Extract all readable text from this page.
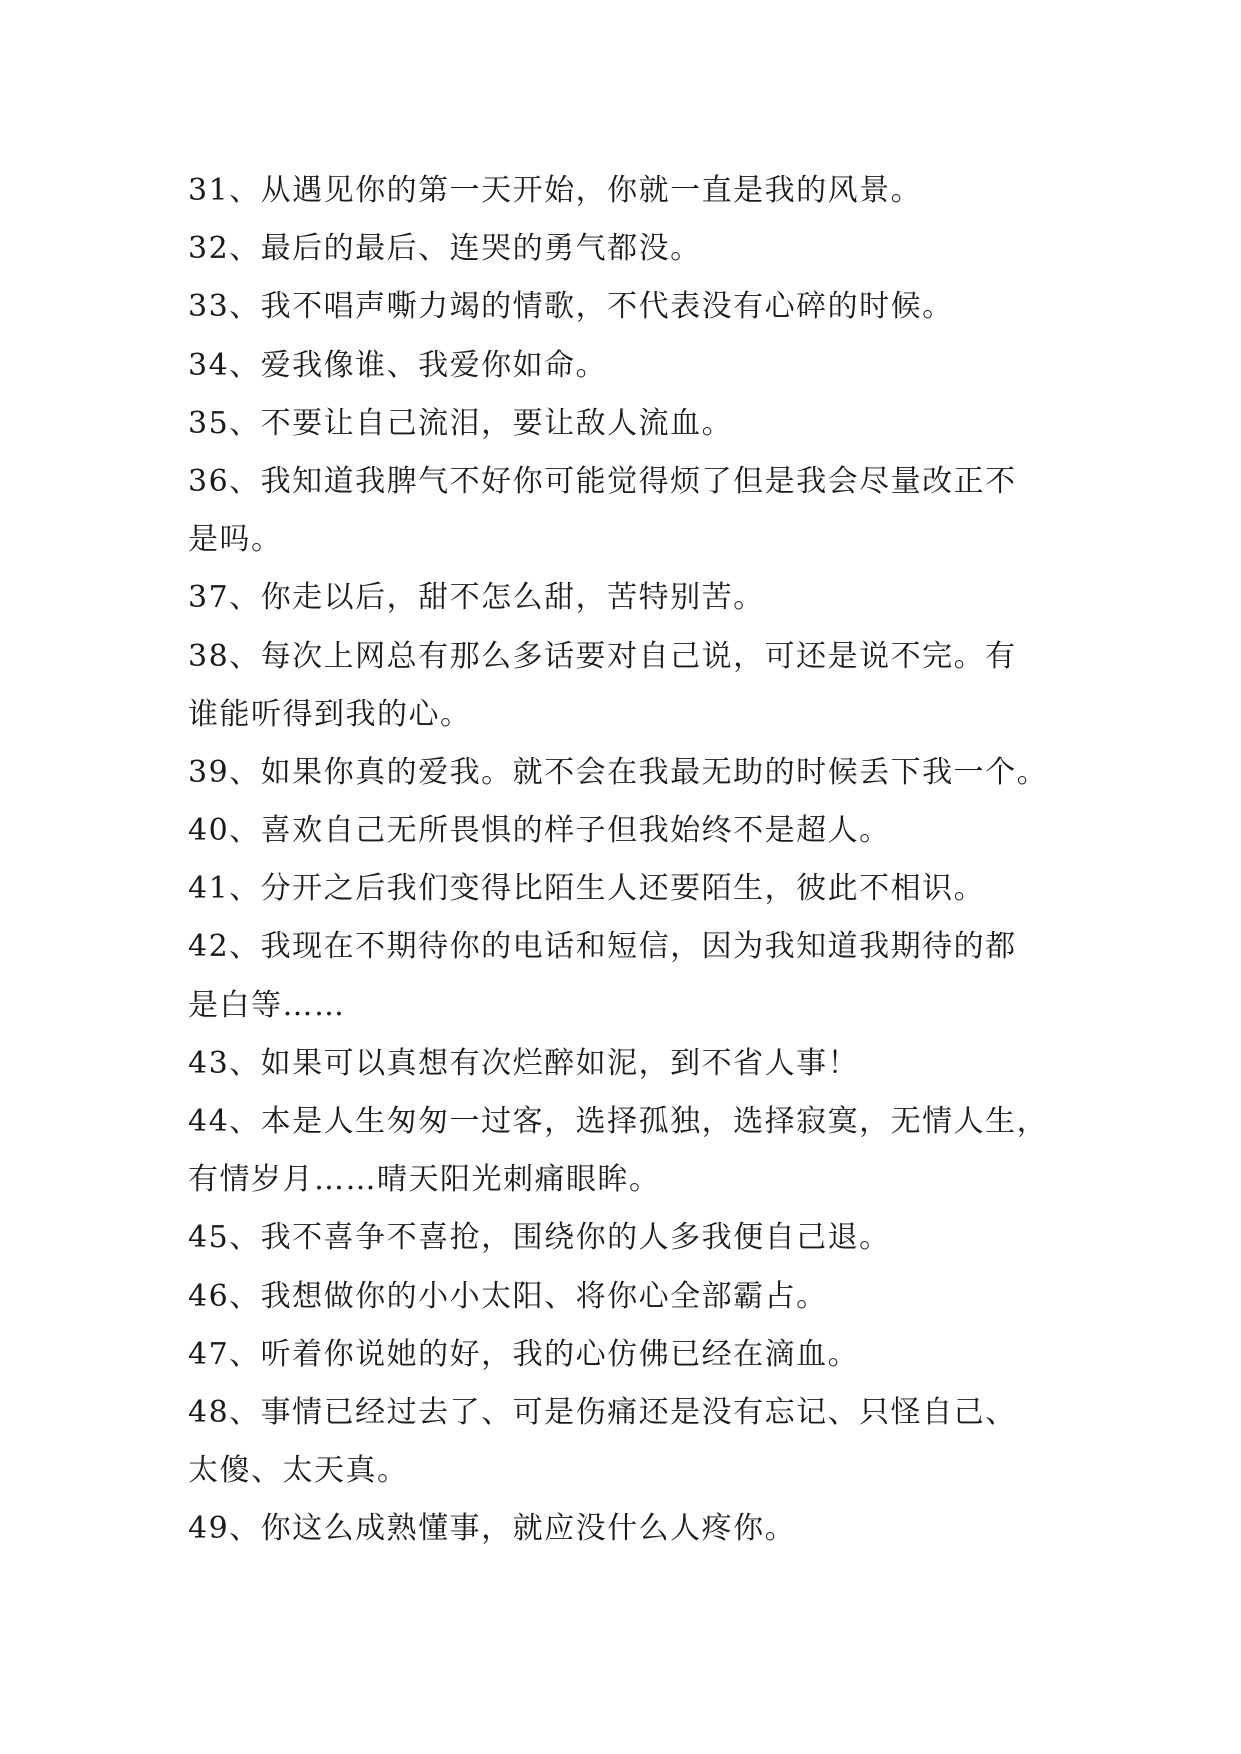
31、从遇见你的第一天开始，你就一直是我的风景。
32、最后的最后、连哭的勇气都没。
33、我不唱声嘶力竭的情歌，不代表没有心碎的时候。
34、爱我像谁、我爱你如命。
35、不要让自己流泪，要让敌人流血。
36、我知道我脾气不好你可能觉得烦了但是我会尽量改正不
是吗。
37、你走以后，甜不怎么甜，苦特别苦。
38、每次上网总有那么多话要对自己说，可还是说不完。有
谁能听得到我的心。
39、如果你真的爱我。就不会在我最无助的时候丢下我一个。
40、喜欢自己无所畏惧的样子但我始终不是超人。
41、分开之后我们变得比陌生人还要陌生，彼此不相识。
42、我现在不期待你的电话和短信，因为我知道我期待的都
是白等……
43、如果可以真想有次烂醉如泥，到不省人事！
44、本是人生匆匆一过客，选择孤独，选择寂寞，无情人生，
有情岁月……晴天阳光刺痛眼眸。
45、我不喜争不喜抢，围绕你的人多我便自己退。
46、我想做你的小小太阳、将你心全部霸占。
47、听着你说她的好，我的心仿佛已经在滴血。
48、事情已经过去了、可是伤痛还是没有忘记、只怪自己、
太傻、太天真。
49、你这么成熟懂事，就应没什么人疼你。
